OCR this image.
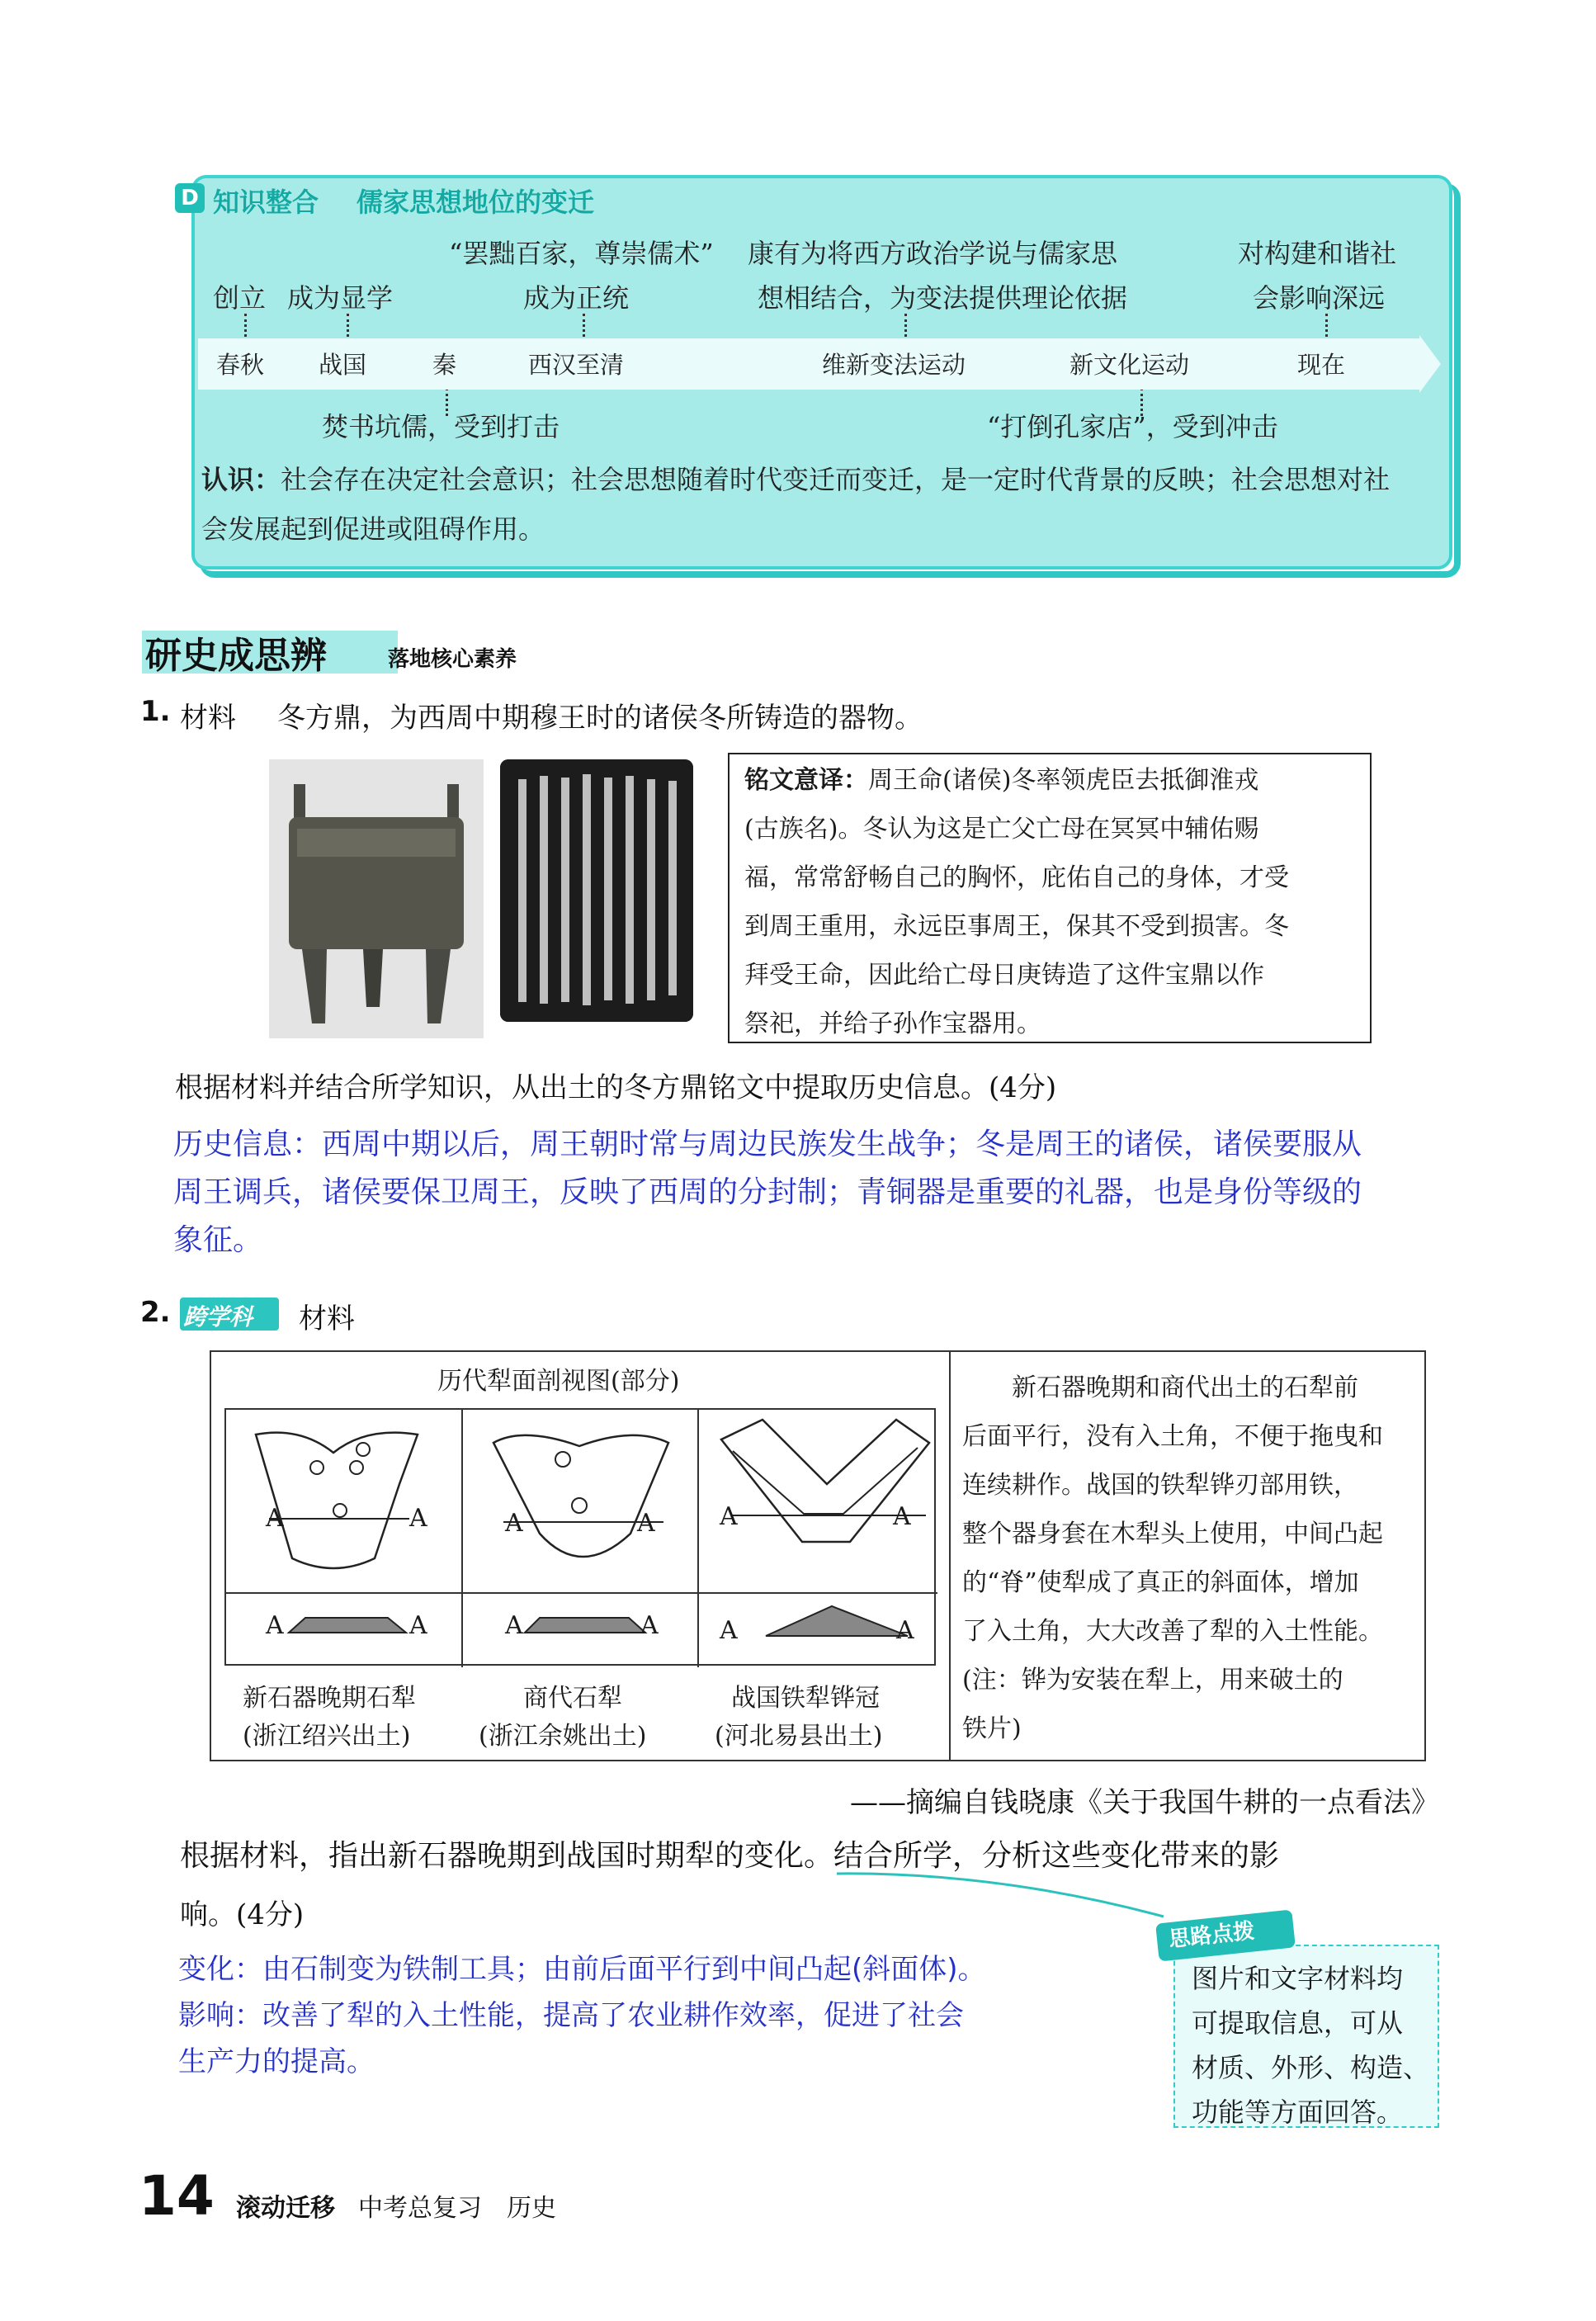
D 知识整合 儒家思想地位的变迁
创立 成为显学
“罢黜百家，尊崇儒术”
成为正统
康有为将西方政治学说与儒家思
想相结合，为变法提供理论依据
对构建和谐社
会影响深远
春秋 战国	秦	西汉至清	维新变法运动	新文化运动	现在
焚书坑儒，受到打击	“打倒孔家店”，受到冲击
认识：社会存在决定社会意识；社会思想随着时代变迁而变迁，是一定时代背景的反映；社会思想对社
会发展起到促进或阻碍作用。
研史成思辨	落地核心素养
1. 材料 冬方鼎，为西周中期穆王时的诸侯冬所铸造的器物。
铭文意译：周王命(诸侯)冬率领虎臣去抵御淮戎
(古族名)。冬认为这是亡父亡母在冥冥中辅佑赐
福，常常舒畅自己的胸怀，庇佑自己的身体，才受
到周王重用，永远臣事周王，保其不受到损害。冬
拜受王命，因此给亡母日庚铸造了这件宝鼎以作
祭祀，并给子孙作宝器用。
根据材料并结合所学知识，从出土的冬方鼎铭文中提取历史信息。(4分)
历史信息：西周中期以后，周王朝时常与周边民族发生战争；冬是周王的诸侯，诸侯要服从
周王调兵，诸侯要保卫周王，反映了西周的分封制；青铜器是重要的礼器，也是身份等级的
象征。
2. 跨学科 材料
历代犁面剖视图(部分)
A	A	A	A	A	A
A	A	A	A A	A
新石器晚期石犁
(浙江绍兴出土)
商代石犁
(浙江余姚出土)
战国铁犁铧冠
(河北易县出土)
新石器晚期和商代出土的石犁前
后面平行，没有入土角，不便于拖曳和
连续耕作。战国的铁犁铧刃部用铁，
整个器身套在木犁头上使用，中间凸起
的“脊”使犁成了真正的斜面体，增加
了入土角，大大改善了犁的入土性能。
(注：铧为安装在犁上，用来破土的
铁片)
——摘编自钱晓康《关于我国牛耕的一点看法》
根据材料，指出新石器晚期到战国时期犁的变化。结合所学，分析这些变化带来的影
响。(4分)
变化：由石制变为铁制工具；由前后面平行到中间凸起(斜面体)。
影响：改善了犁的入土性能，提高了农业耕作效率，促进了社会
生产力的提高。
思路点拨
图片和文字材料均
可提取信息，可从
材质、外形、构造、
功能等方面回答。
14 滚动迁移 中考总复习 历史
